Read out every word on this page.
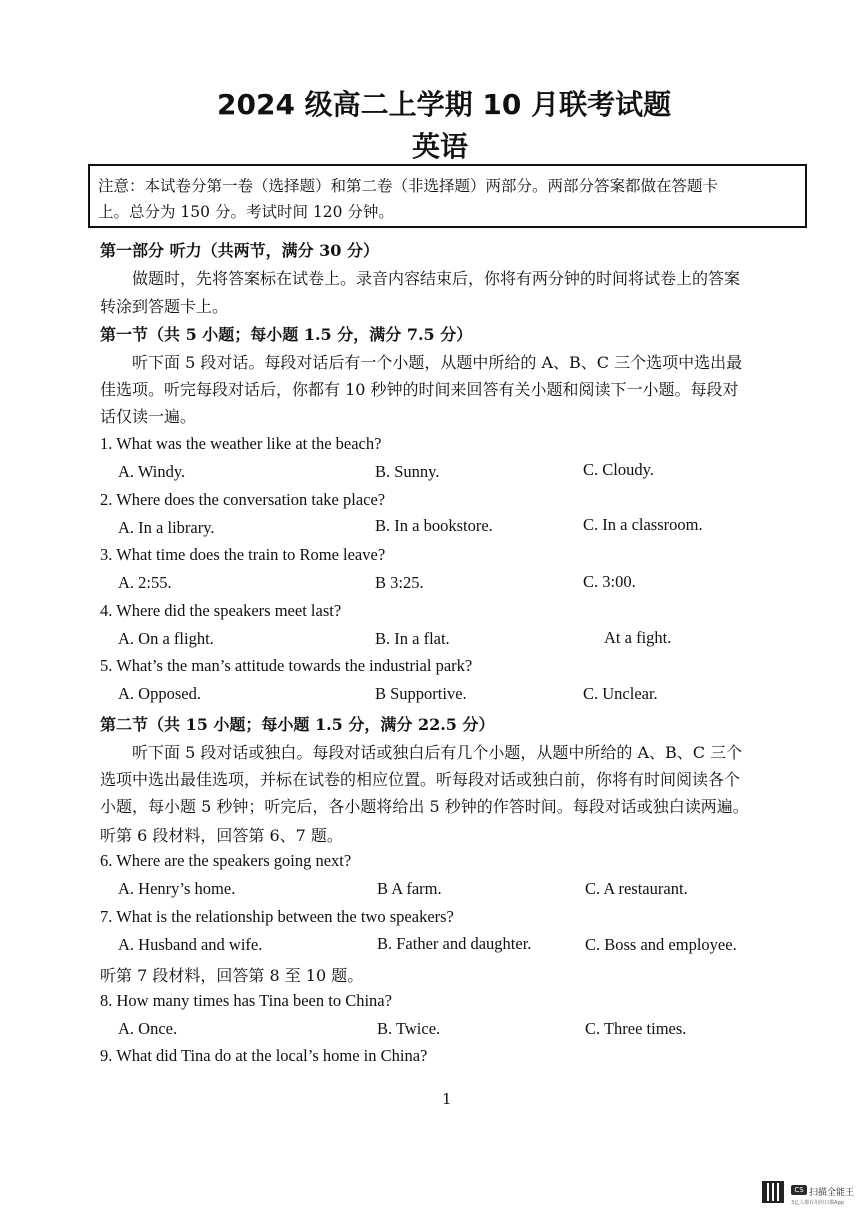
2024 级高二上学期 10 月联考试题
英语
注意：本试卷分第一卷（选择题）和第二卷（非选择题）两部分。两部分答案都做在答题卡
上。总分为 150 分。考试时间 120 分钟。
第一部分 听力（共两节，满分 30 分）
做题时，先将答案标在试卷上。录音内容结束后，你将有两分钟的时间将试卷上的答案
转涂到答题卡上。
第一节（共 5 小题；每小题 1.5 分，满分 7.5 分）
听下面 5 段对话。每段对话后有一个小题，从题中所给的 A、B、C 三个选项中选出最
佳选项。听完每段对话后，你都有 10 秒钟的时间来回答有关小题和阅读下一小题。每段对
话仅读一遍。
1. What was the weather like at the beach?
A. Windy.	B. Sunny.	C. Cloudy.
2. Where does the conversation take place?
A. In a library.	B. In a bookstore.	C. In a classroom.
3. What time does the train to Rome leave?
A. 2:55.	B 3:25.	C. 3:00.
4. Where did the speakers meet last?
A. On a flight.	B. In a flat.	At a fight.
5. What’s the man’s attitude towards the industrial park?
A. Opposed.	B Supportive.	C. Unclear.
第二节（共 15 小题；每小题 1.5 分，满分 22.5 分）
听下面 5 段对话或独白。每段对话或独白后有几个小题，从题中所给的 A、B、C 三个
选项中选出最佳选项，并标在试卷的相应位置。听每段对话或独白前，你将有时间阅读各个
小题，每小题 5 秒钟；听完后，各小题将给出 5 秒钟的作答时间。每段对话或独白读两遍。
听第 6 段材料，回答第 6、7 题。
6. Where are the speakers going next?
A. Henry’s home.	B A farm.	C. A restaurant.
7. What is the relationship between the two speakers?
A. Husband and wife.	B. Father and daughter.	C. Boss and employee.
听第 7 段材料，回答第 8 至 10 题。
8. How many times has Tina been to China?
A. Once.	B. Twice.	C. Three times.
9. What did Tina do at the local’s home in China?
1
CS 扫描全能王
3亿人都在用的扫描App
